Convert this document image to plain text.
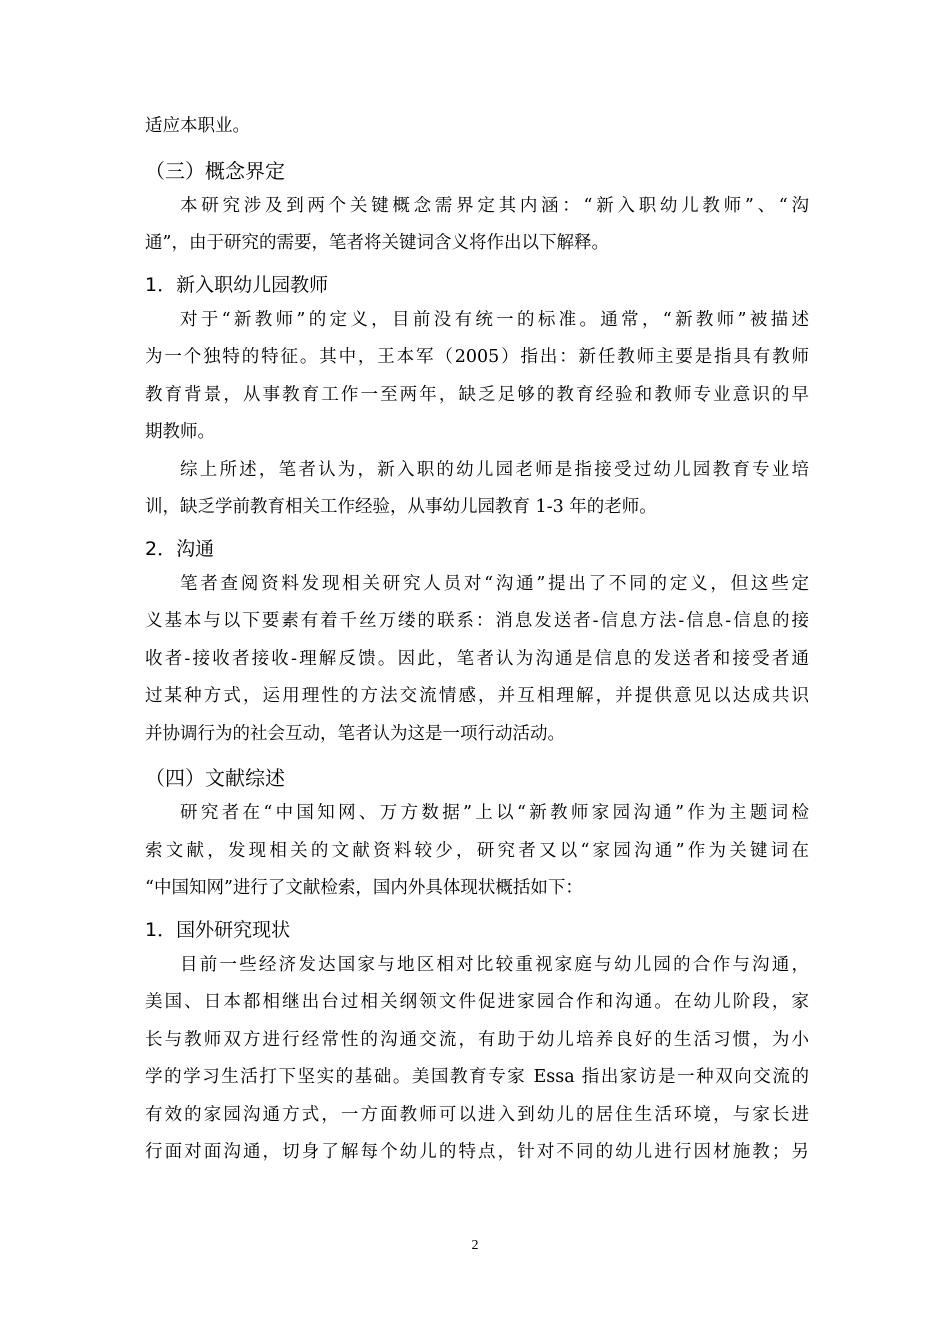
适应本职业。
（三）概念界定
本研究涉及到两个关键概念需界定其内涵：“新入职幼儿教师”、“沟
通”，由于研究的需要，笔者将关键词含义将作出以下解释。
1．新入职幼儿园教师
对于“新教师”的定义，目前没有统一的标准。通常，“新教师”被描述
为一个独特的特征。其中，王本军（2005）指出：新任教师主要是指具有教师
教育背景，从事教育工作一至两年，缺乏足够的教育经验和教师专业意识的早
期教师。
综上所述，笔者认为，新入职的幼儿园老师是指接受过幼儿园教育专业培
训，缺乏学前教育相关工作经验，从事幼儿园教育 1-3 年的老师。
2．沟通
笔者查阅资料发现相关研究人员对“沟通”提出了不同的定义，但这些定
义基本与以下要素有着千丝万缕的联系：消息发送者-信息方法-信息-信息的接
收者-接收者接收-理解反馈。因此，笔者认为沟通是信息的发送者和接受者通
过某种方式，运用理性的方法交流情感，并互相理解，并提供意见以达成共识
并协调行为的社会互动，笔者认为这是一项行动活动。
（四）文献综述
研究者在“中国知网、万方数据”上以“新教师家园沟通”作为主题词检
索文献，发现相关的文献资料较少，研究者又以“家园沟通”作为关键词在
“中国知网”进行了文献检索，国内外具体现状概括如下：
1．国外研究现状
目前一些经济发达国家与地区相对比较重视家庭与幼儿园的合作与沟通，
美国、日本都相继出台过相关纲领文件促进家园合作和沟通。在幼儿阶段，家
长与教师双方进行经常性的沟通交流，有助于幼儿培养良好的生活习惯，为小
学的学习生活打下坚实的基础。美国教育专家 Essa 指出家访是一种双向交流的
有效的家园沟通方式，一方面教师可以进入到幼儿的居住生活环境，与家长进
行面对面沟通，切身了解每个幼儿的特点，针对不同的幼儿进行因材施教；另
2
